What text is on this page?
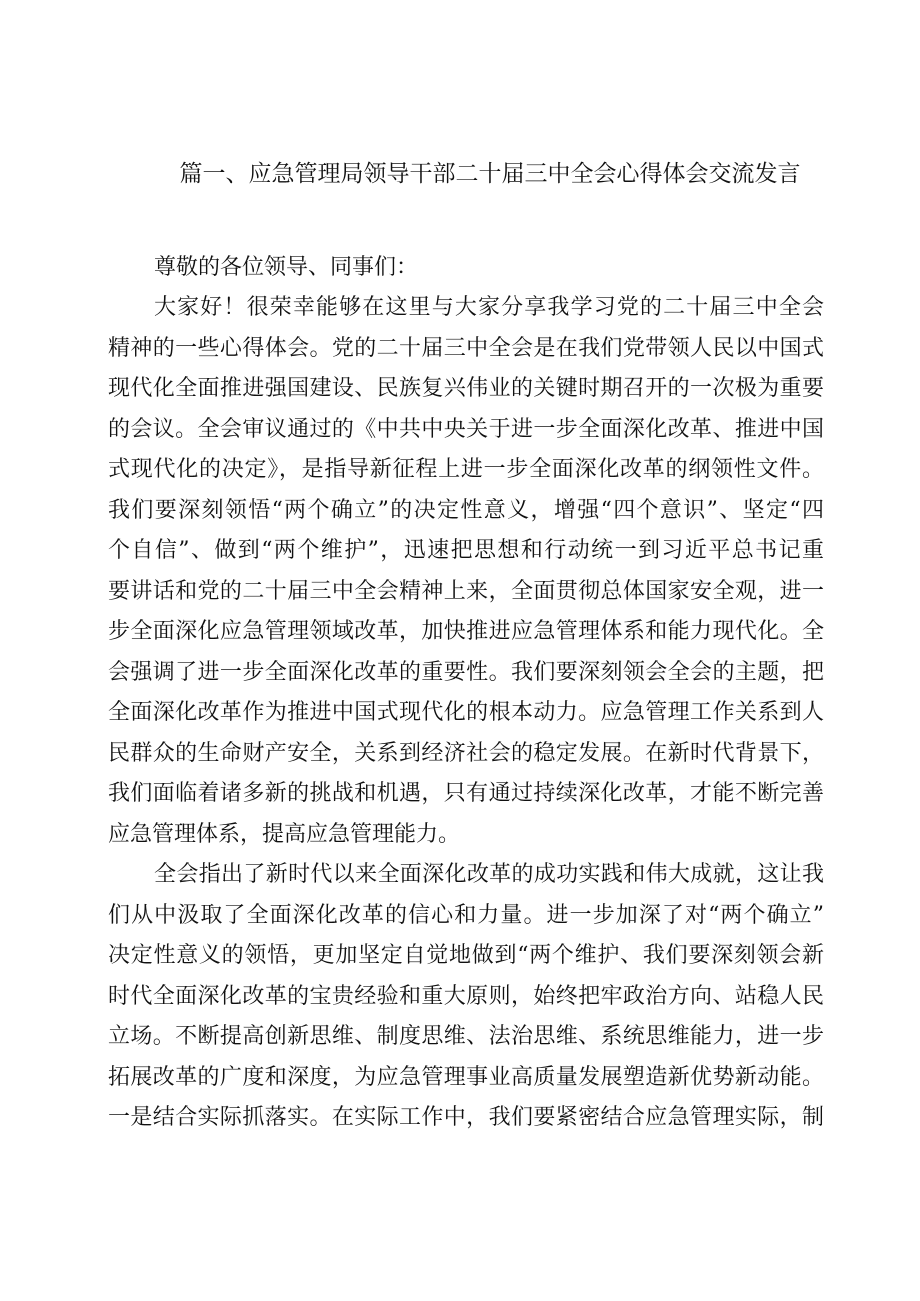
篇一、应急管理局领导干部二十届三中全会心得体会交流发言

尊敬的各位领导、同事们：

大家好！很荣幸能够在这里与大家分享我学习党的二十届三中全会
精神的一些心得体会。党的二十届三中全会是在我们党带领人民以中国式
现代化全面推进强国建设、民族复兴伟业的关键时期召开的一次极为重要
的会议。全会审议通过的《中共中央关于进一步全面深化改革、推进中国
式现代化的决定》，是指导新征程上进一步全面深化改革的纲领性文件。
我们要深刻领悟“两个确立”的决定性意义，增强“四个意识”、坚定“四
个自信”、做到“两个维护”，迅速把思想和行动统一到习近平总书记重
要讲话和党的二十届三中全会精神上来，全面贯彻总体国家安全观，进一
步全面深化应急管理领域改革，加快推进应急管理体系和能力现代化。全
会强调了进一步全面深化改革的重要性。我们要深刻领会全会的主题，把
全面深化改革作为推进中国式现代化的根本动力。应急管理工作关系到人
民群众的生命财产安全，关系到经济社会的稳定发展。在新时代背景下，
我们面临着诸多新的挑战和机遇，只有通过持续深化改革，才能不断完善
应急管理体系，提高应急管理能力。
全会指出了新时代以来全面深化改革的成功实践和伟大成就，这让我
们从中汲取了全面深化改革的信心和力量。进一步加深了对“两个确立”
决定性意义的领悟，更加坚定自觉地做到“两个维护、我们要深刻领会新
时代全面深化改革的宝贵经验和重大原则，始终把牢政治方向、站稳人民
立场。不断提高创新思维、制度思维、法治思维、系统思维能力，进一步
拓展改革的广度和深度，为应急管理事业高质量发展塑造新优势新动能。
一是结合实际抓落实。在实际工作中，我们要紧密结合应急管理实际，制
